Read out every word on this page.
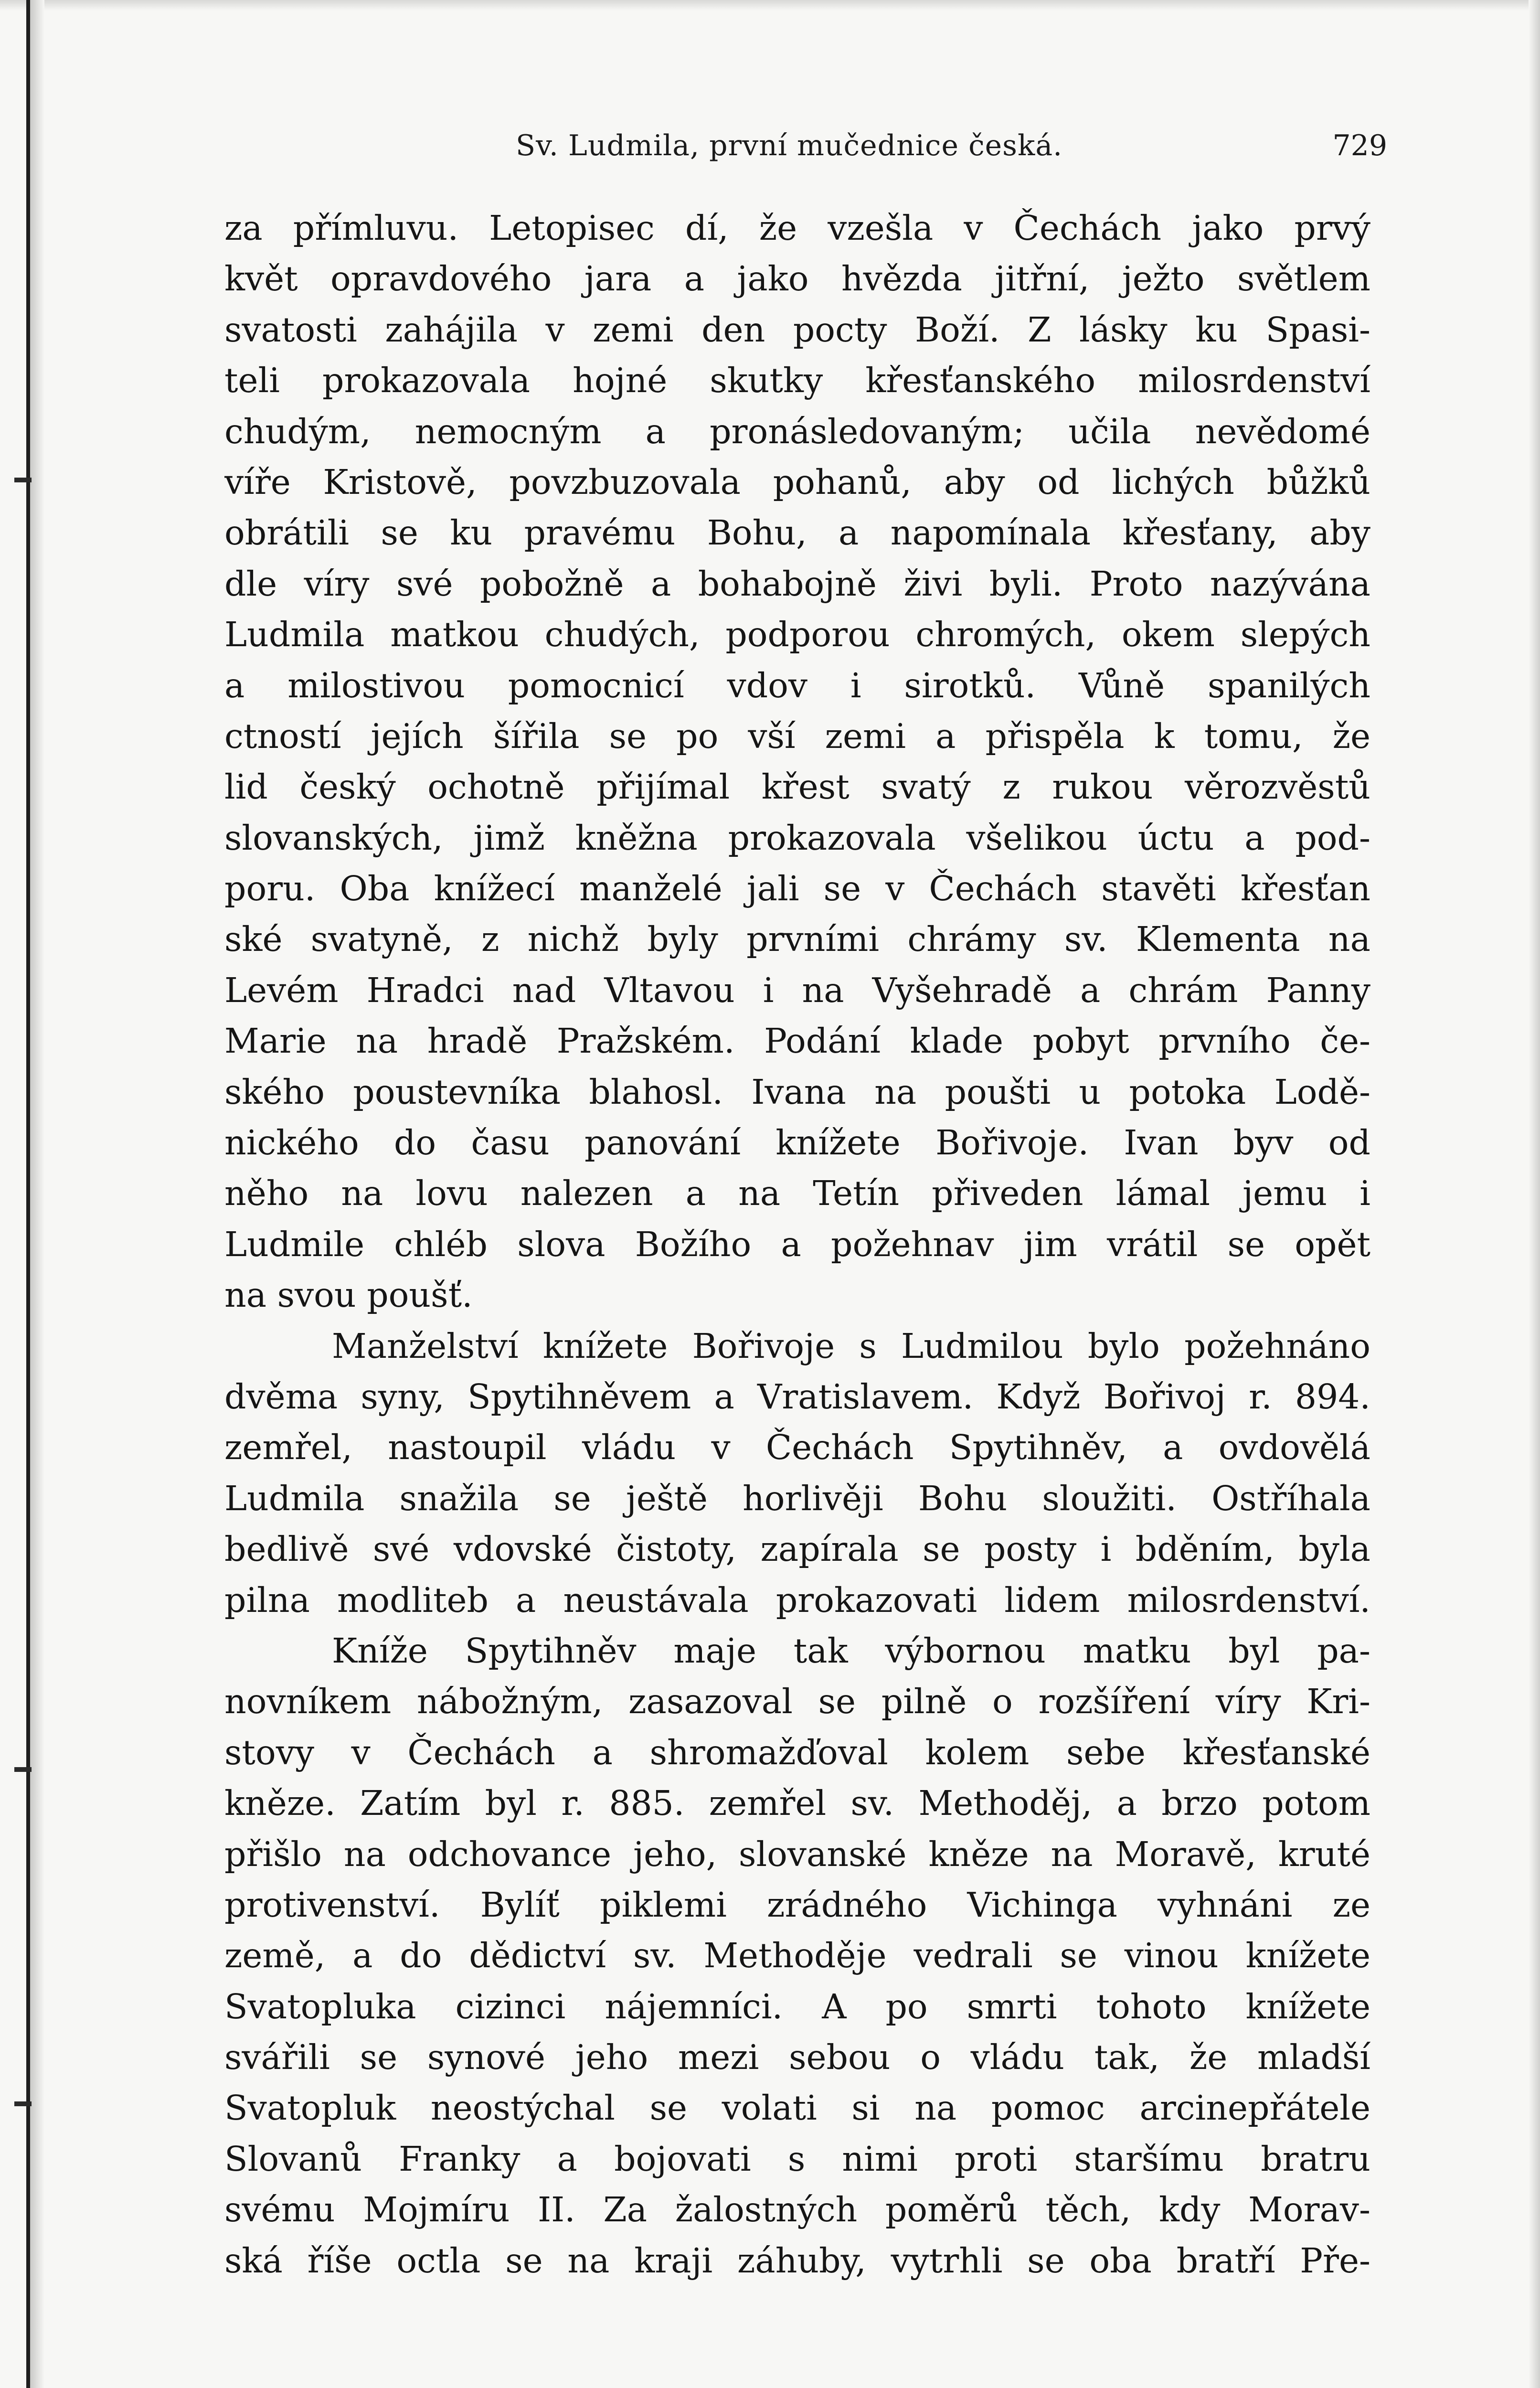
Sv. Ludmila, první mučednice česká.	729
za přímluvu. Letopisec dí, že vzešla v Čechách jako prvý
květ opravdového jara a jako hvězda jitřní, ježto světlem
svatosti zahájila v zemi den pocty Boží. Z lásky ku Spasi-
teli prokazovala hojné skutky křesťanského milosrdenství
chudým, nemocným a pronásledovaným; učila nevědomé
víře Kristově, povzbuzovala pohanů, aby od lichých bůžků
obrátili se ku pravému Bohu, a napomínala křesťany, aby
dle víry své pobožně a bohabojně živi byli. Proto nazývána
Ludmila matkou chudých, podporou chromých, okem slepých
a milostivou pomocnicí vdov i sirotků. Vůně spanilých
ctností jejích šířila se po vší zemi a přispěla k tomu, že
lid český ochotně přijímal křest svatý z rukou věrozvěstů
slovanských, jimž kněžna prokazovala všelikou úctu a pod-
poru. Oba knížecí manželé jali se v Čechách stavěti křesťan
ské svatyně, z nichž byly prvními chrámy sv. Klementa na
Levém Hradci nad Vltavou i na Vyšehradě a chrám Panny
Marie na hradě Pražském. Podání klade pobyt prvního če-
ského poustevníka blahosl. Ivana na poušti u potoka Lodě-
nického do času panování knížete Bořivoje. Ivan byv od
něho na lovu nalezen a na Tetín přiveden lámal jemu i
Ludmile chléb slova Božího a požehnav jim vrátil se opět
na svou poušť.
Manželství knížete Bořivoje s Ludmilou bylo požehnáno
dvěma syny, Spytihněvem a Vratislavem. Když Bořivoj r. 894.
zemřel, nastoupil vládu v Čechách Spytihněv, a ovdovělá
Ludmila snažila se ještě horlivěji Bohu sloužiti. Ostříhala
bedlivě své vdovské čistoty, zapírala se posty i bděním, byla
pilna modliteb a neustávala prokazovati lidem milosrdenství.
Kníže Spytihněv maje tak výbornou matku byl pa-
novníkem nábožným, zasazoval se pilně o rozšíření víry Kri-
stovy v Čechách a shromažďoval kolem sebe křesťanské
kněze. Zatím byl r. 885. zemřel sv. Methoděj, a brzo potom
přišlo na odchovance jeho, slovanské kněze na Moravě, kruté
protivenství. Bylíť piklemi zrádného Vichinga vyhnáni ze
země, a do dědictví sv. Methoděje vedrali se vinou knížete
Svatopluka cizinci nájemníci. A po smrti tohoto knížete
svářili se synové jeho mezi sebou o vládu tak, že mladší
Svatopluk neostýchal se volati si na pomoc arcinepřátele
Slovanů Franky a bojovati s nimi proti staršímu bratru
svému Mojmíru II. Za žalostných poměrů těch, kdy Morav-
ská říše octla se na kraji záhuby, vytrhli se oba bratří Pře-
